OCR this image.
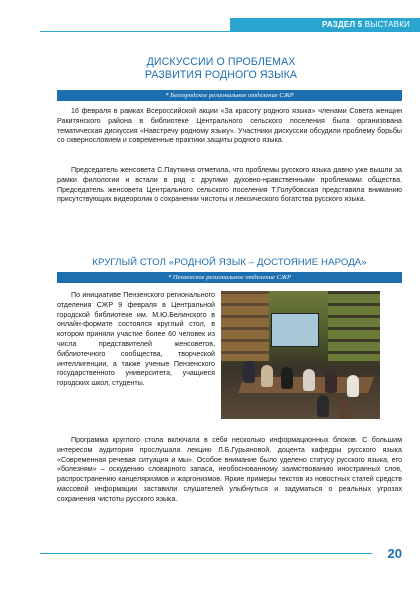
РАЗДЕЛ 5 ВЫСТАВКИ
ДИСКУССИИ О ПРОБЛЕМАХ
РАЗВИТИЯ РОДНОГО ЯЗЫКА
* Белгородское региональное отделение СЖР

16 февраля в рамках Всероссийской акции «За красоту родного языка» членами Совета женщин Ракитянского района в библиотеке Центрального сельского поселения была организована тематическая дискуссия «Навстречу родному языку». Участники дискуссии обсудили проблему борьбы со сквернословием и современные практики защиты родного языка.

Председатель женсовета С.Пауткина отметила, что проблемы русского языка давно уже вышли за рамки филологии и встали в ряд с другими духовно-нравственными проблемами общества. Председатель женсовета Центрального сельского поселения Т.Голубовская представила вниманию присутствующих видеоролик о сохранении чистоты и лексического богатства русского языка.

КРУГЛЫЙ СТОЛ «РОДНОЙ ЯЗЫК – ДОСТОЯНИЕ НАРОДА»
* Пензенское региональное отделение СЖР

По инициативе Пензенского регионального отделения СЖР 9 февраля в Центральной городской библиотеке им. М.Ю.Белинского в онлайн-формате состоялся круглый стол, в котором приняли участие более 60 человек из числа представителей женсоветов, библиотечного сообщества, творческой интеллигенции, а также ученые Пензенского государственного университета, учащиеся городских школ, студенты.

Программа круглого стола включала в себя несколько информационных блоков. С большим интересом аудитория прослушала лекцию Л.Б.Гурьяновой, доцента кафедры русского языка «Современная речевая ситуация и мы». Особое внимание было уделено статусу русского языка, его «болезням» – оскудению словарного запаса, необоснованному заимствованию иностранных слов, распространению канцеляризмов и жаргонизмов. Яркие примеры текстов из новостных статей средств массовой информации заставили слушателей улыбнуться и задуматься о реальных угрозах сохранения чистоты русского языка.

20
